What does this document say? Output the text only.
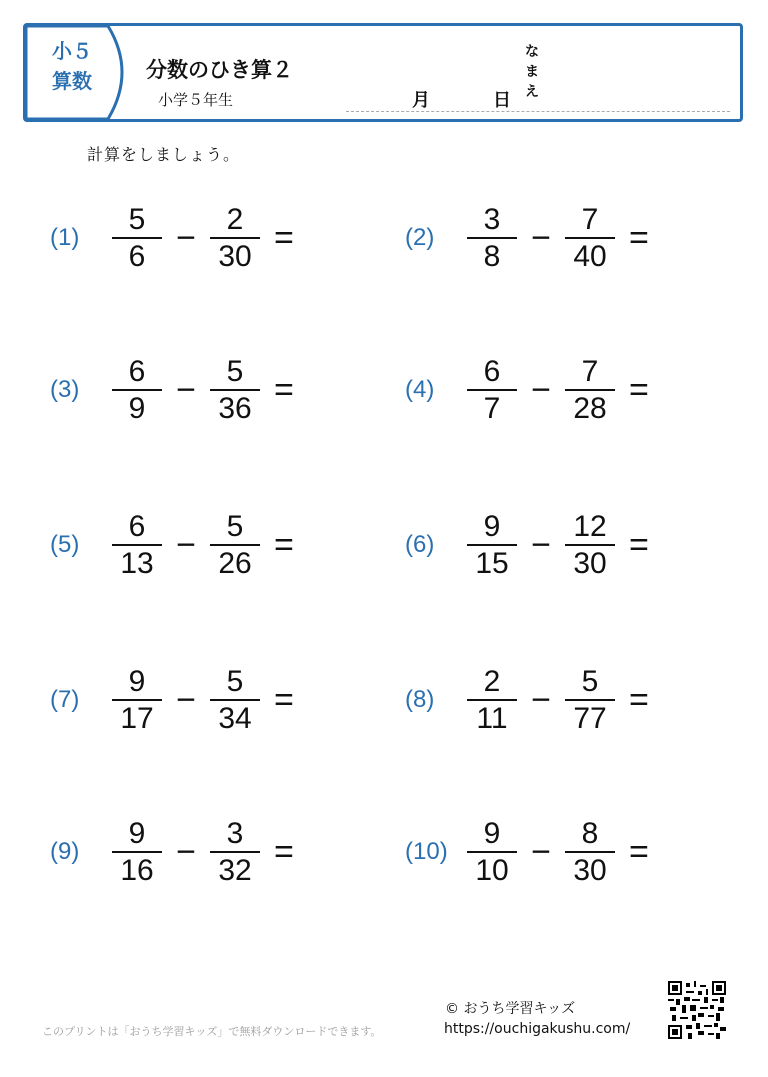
小５
算数	分数のひき算２
小学５年生	月	日
な
ま
え
計算をしましょう。
(1)	$\frac{5}{6} - \frac{2}{30}$ =	(2)	$\frac{3}{8} - \frac{7}{40}$ =
(3)	$\frac{6}{9} - \frac{5}{36}$ =	(4)	$\frac{6}{7} - \frac{7}{28}$ =
(5)	$\frac{6}{13} - \frac{5}{26}$ =	(6)	$\frac{9}{15} - \frac{12}{30}$ =
(7)	$\frac{9}{17} - \frac{5}{34}$ =	(8)	$\frac{2}{11} - \frac{5}{77}$ =
(9)	$\frac{9}{16} - \frac{3}{32}$ =	$(10) \frac{9}{10} - \frac{8}{30}$ =
© おうち学習キッズ
https://ouchigakushu.com/
このプリントは「おうち学習キッズ」で無料ダウンロードできます。
